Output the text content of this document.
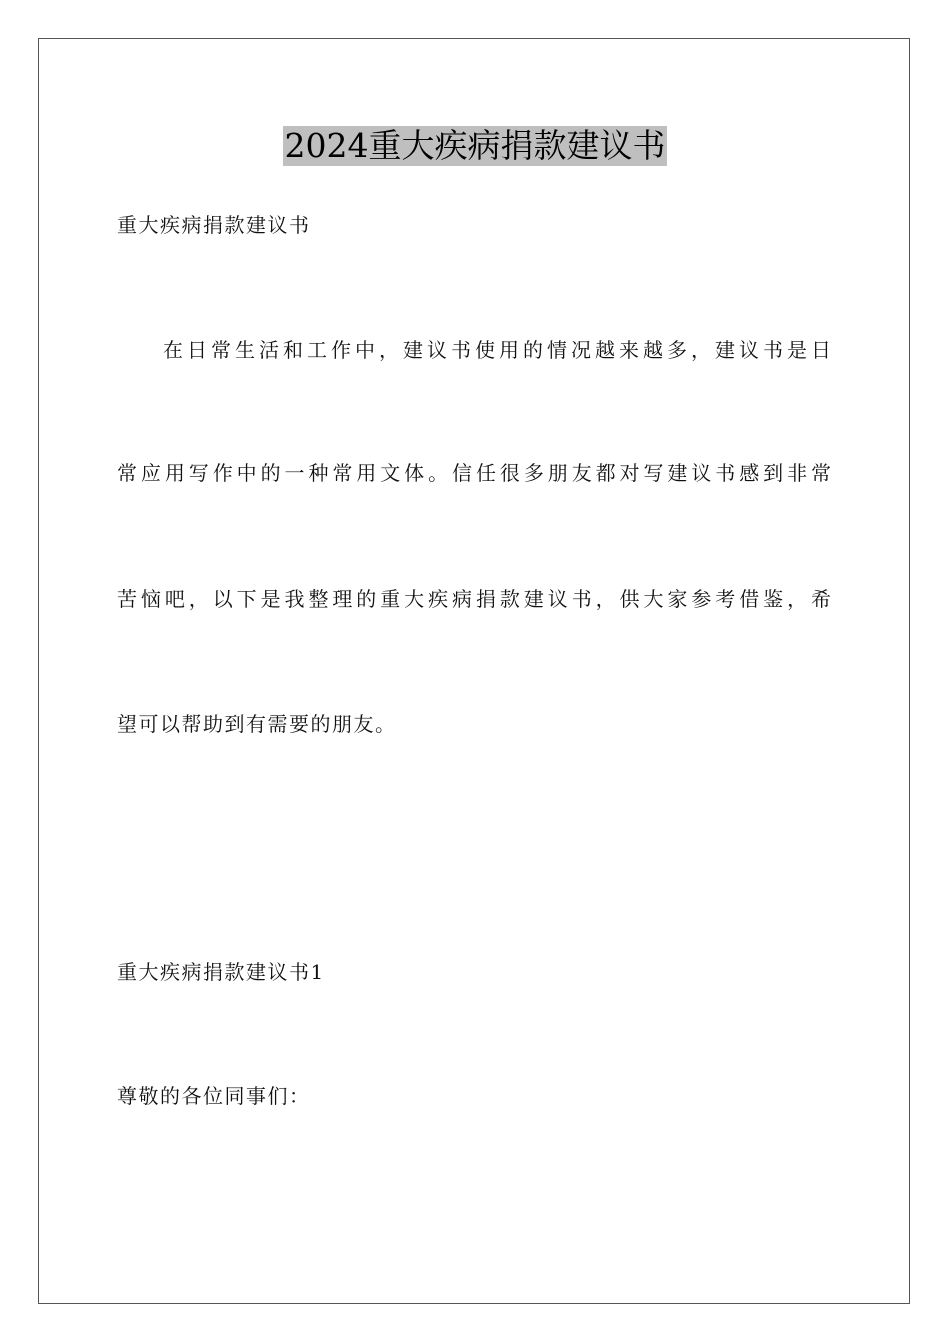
2024重大疾病捐款建议书
重大疾病捐款建议书
在日常生活和工作中，建议书使用的情况越来越多，建议书是日
常应用写作中的一种常用文体。信任很多朋友都对写建议书感到非常
苦恼吧，以下是我整理的重大疾病捐款建议书，供大家参考借鉴，希
望可以帮助到有需要的朋友。
重大疾病捐款建议书1
尊敬的各位同事们：
